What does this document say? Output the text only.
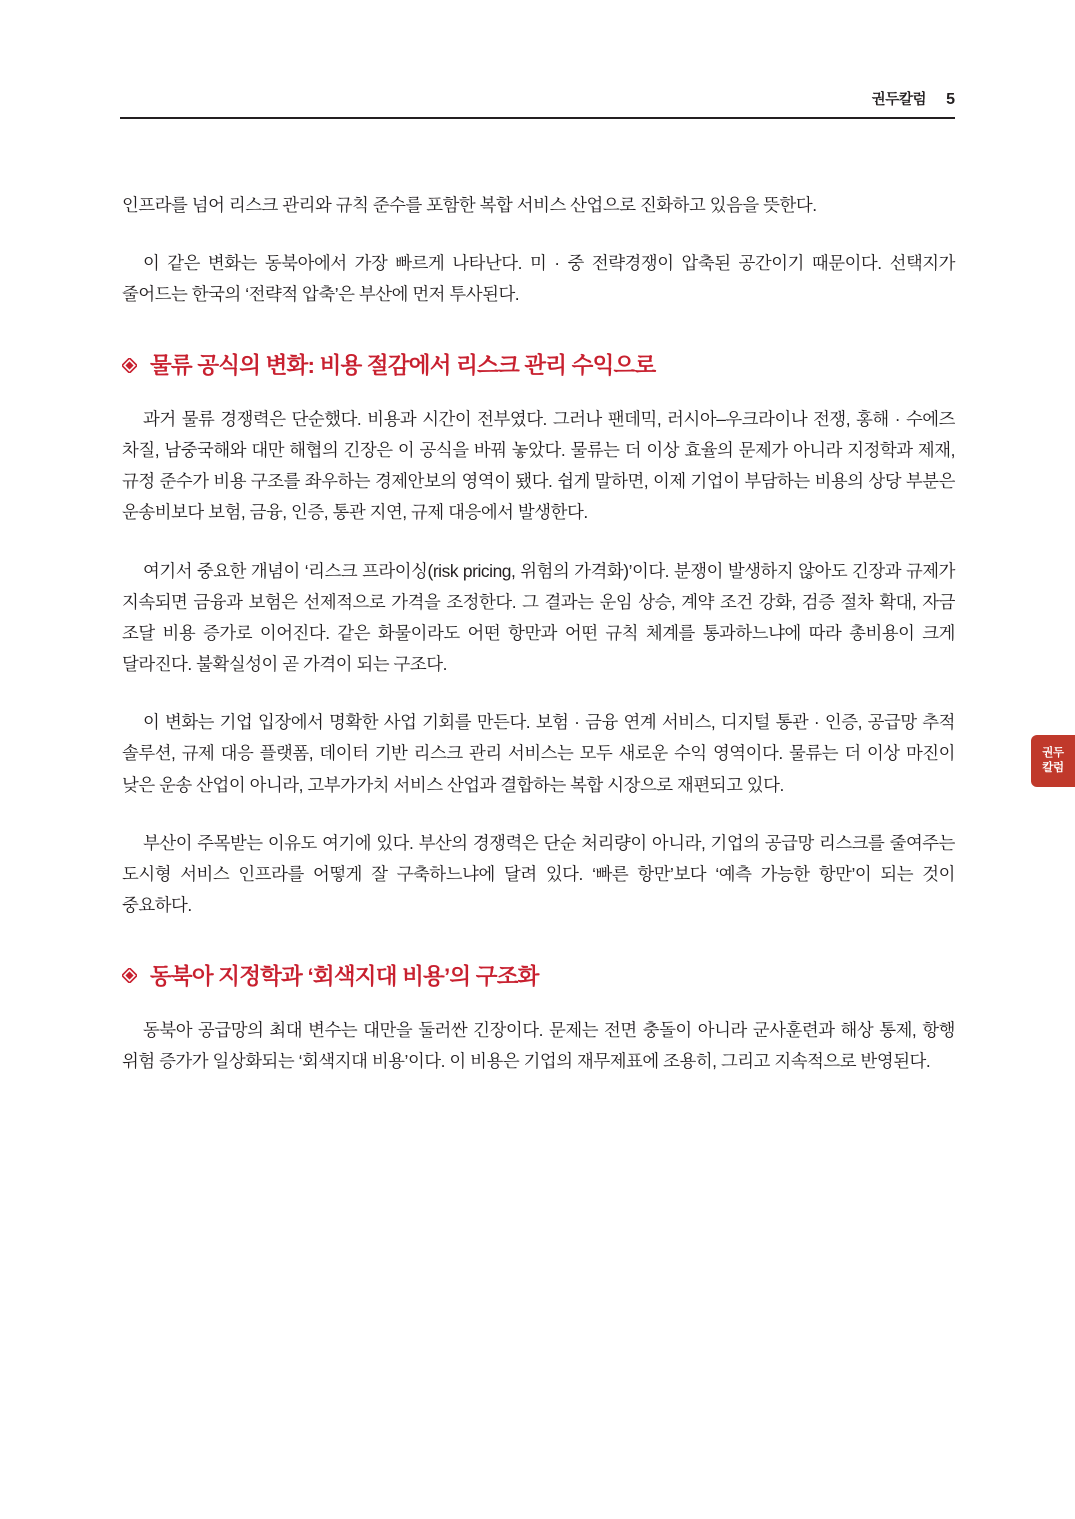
권두칼럼 5

인프라를 넘어 리스크 관리와 규칙 준수를 포함한 복합 서비스 산업으로 진화하고 있음을 뜻한다.

이 같은 변화는 동북아에서 가장 빠르게 나타난다. 미 · 중 전략경쟁이 압축된 공간이기 때문이다. 선택지가 줄어드는 한국의 ‘전략적 압축’은 부산에 먼저 투사된다.

물류 공식의 변화: 비용 절감에서 리스크 관리 수익으로

과거 물류 경쟁력은 단순했다. 비용과 시간이 전부였다. 그러나 팬데믹, 러시아–우크라이나 전쟁, 홍해 · 수에즈 차질, 남중국해와 대만 해협의 긴장은 이 공식을 바꿔 놓았다. 물류는 더 이상 효율의 문제가 아니라 지정학과 제재, 규정 준수가 비용 구조를 좌우하는 경제안보의 영역이 됐다. 쉽게 말하면, 이제 기업이 부담하는 비용의 상당 부분은 운송비보다 보험, 금융, 인증, 통관 지연, 규제 대응에서 발생한다.

여기서 중요한 개념이 ‘리스크 프라이싱(risk pricing, 위험의 가격화)’이다. 분쟁이 발생하지 않아도 긴장과 규제가 지속되면 금융과 보험은 선제적으로 가격을 조정한다. 그 결과는 운임 상승, 계약 조건 강화, 검증 절차 확대, 자금 조달 비용 증가로 이어진다. 같은 화물이라도 어떤 항만과 어떤 규칙 체계를 통과하느냐에 따라 총비용이 크게 달라진다. 불확실성이 곧 가격이 되는 구조다.

이 변화는 기업 입장에서 명확한 사업 기회를 만든다. 보험 · 금융 연계 서비스, 디지털 통관 · 인증, 공급망 추적 솔루션, 규제 대응 플랫폼, 데이터 기반 리스크 관리 서비스는 모두 새로운 수익 영역이다. 물류는 더 이상 마진이 낮은 운송 산업이 아니라, 고부가가치 서비스 산업과 결합하는 복합 시장으로 재편되고 있다.

부산이 주목받는 이유도 여기에 있다. 부산의 경쟁력은 단순 처리량이 아니라, 기업의 공급망 리스크를 줄여주는 도시형 서비스 인프라를 어떻게 잘 구축하느냐에 달려 있다. ‘빠른 항만’보다 ‘예측 가능한 항만’이 되는 것이 중요하다.

동북아 지정학과 ‘회색지대 비용’의 구조화

동북아 공급망의 최대 변수는 대만을 둘러싼 긴장이다. 문제는 전면 충돌이 아니라 군사훈련과 해상 통제, 항행 위험 증가가 일상화되는 ‘회색지대 비용’이다. 이 비용은 기업의 재무제표에 조용히, 그리고 지속적으로 반영된다.

권두
칼럼
